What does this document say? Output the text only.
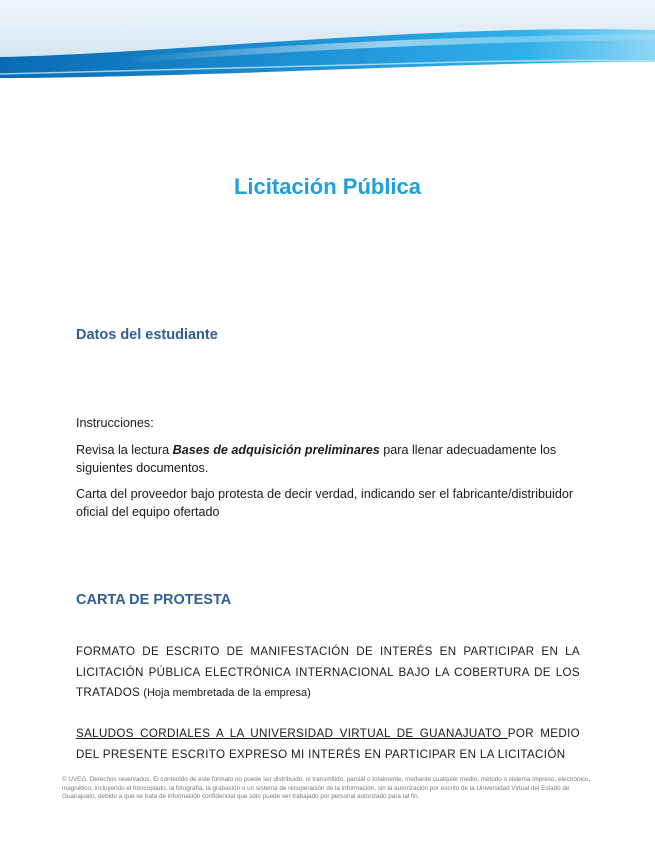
Licitación Pública
Datos del estudiante

Instrucciones:

Revisa la lectura Bases de adquisición preliminares para llenar adecuadamente los siguientes documentos.

Carta del proveedor bajo protesta de decir verdad, indicando ser el fabricante/distribuidor oficial del equipo ofertado

CARTA DE PROTESTA

FORMATO DE ESCRITO DE MANIFESTACIÓN DE INTERÉS EN PARTICIPAR EN LA LICITACIÓN PÚBLICA ELECTRÓNICA INTERNACIONAL BAJO LA COBERTURA DE LOS TRATADOS (Hoja membretada de la empresa)

SALUDOS CORDIALES A LA UNIVERSIDAD VIRTUAL DE GUANAJUATO POR MEDIO DEL PRESENTE ESCRITO EXPRESO MI INTERÉS EN PARTICIPAR EN LA LICITACIÓN

© UVEG. Derechos reservados. El contenido de este formato no puede ser distribuido, ni transmitido, parcial o totalmente, mediante cualquier medio, método o sistema impreso, electrónico, magnético, incluyendo el fotocopiado, la fotografía, la grabación o un sistema de recuperación de la información, sin la autorización por escrito de la Universidad Virtual del Estado de Guanajuato, debido a que se trata de información confidencial que sólo puede ser trabajado por personal autorizado para tal fin.
